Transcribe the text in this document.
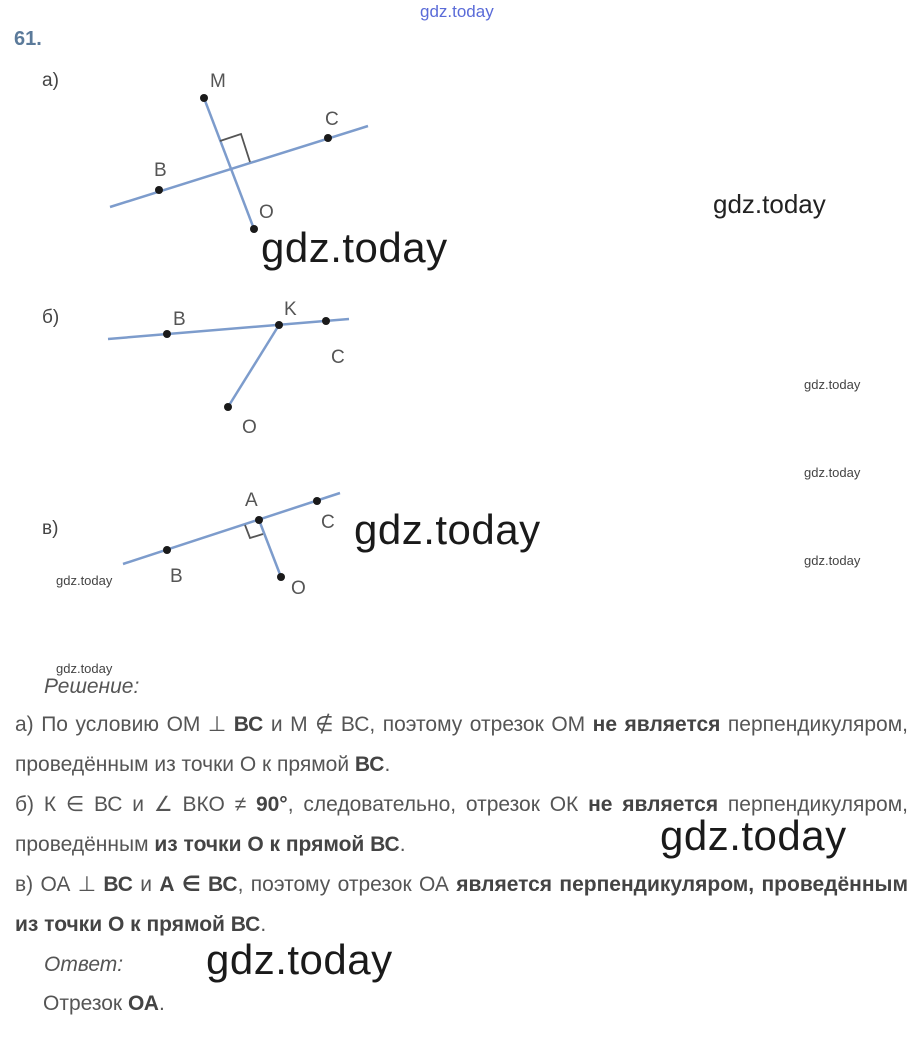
61.
gdz.today
а)
б)
в)
M
C
B
O
B	K
C
O
A
C
B
O
gdz.today
gdz.today
gdz.today
gdz.today
gdz.today
gdz.today
gdz.today
gdz.today
Решение:
а) По условию ОМ ⊥ ВС и М ∉ ВС, поэтому отрезок ОМ не является перпендикуляром, проведённым из точки О к прямой ВС.
б) К ∈ ВС и ∠ ВКО ≠ 90°, следовательно, отрезок ОК не является перпендикуляром, проведённым из точки О к прямой ВС.
в) ОА ⊥ ВС и А ∈ ВС, поэтому отрезок ОА является перпендикуляром, проведённым из точки О к прямой ВС.
Ответ:
Отрезок ОА.
gdz.today
gdz.today
